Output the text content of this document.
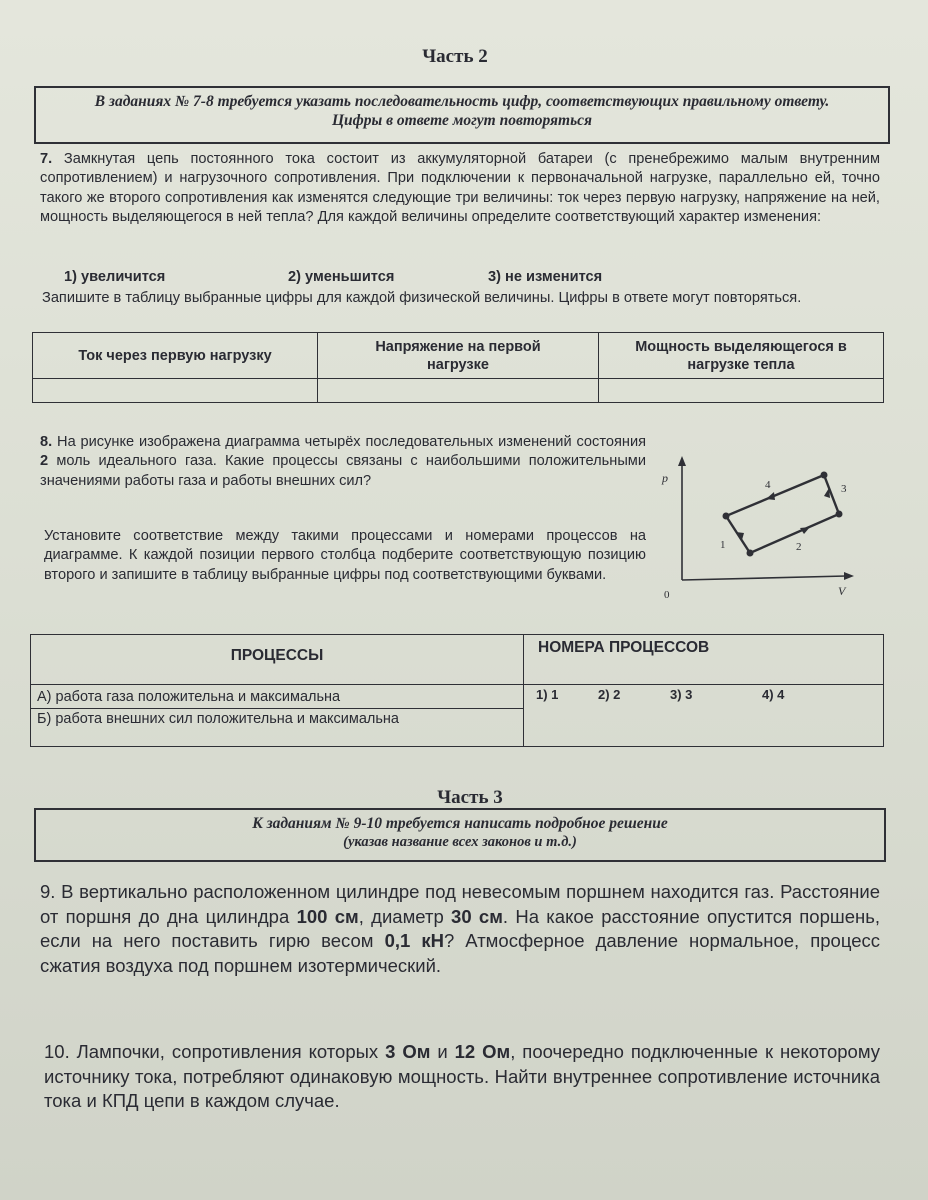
Часть 2
В заданиях № 7-8 требуется указать последовательность цифр, соответствующих правильному ответу. Цифры в ответе могут повторяться
7. Замкнутая цепь постоянного тока состоит из аккумуляторной батареи (с пренебрежимо малым внутренним сопротивлением) и нагрузочного сопротивления. При подключении к первоначальной нагрузке, параллельно ей, точно такого же второго сопротивления как изменятся следующие три величины: ток через первую нагрузку, напряжение на ней, мощность выделяющегося в ней тепла? Для каждой величины определите соответствующий характер изменения:
1) увеличится	2) уменьшится	3) не изменится
Запишите в таблицу выбранные цифры для каждой физической величины. Цифры в ответе могут повторяться.
Ток через первую нагрузку	Напряжение на первой нагрузке	Мощность выделяющегося в нагрузке тепла

8. На рисунке изображена диаграмма четырёх последовательных изменений состояния 2 моль идеального газа. Какие процессы связаны с наибольшими положительными значениями работы газа и работы внешних сил?
Установите соответствие между такими процессами и номерами процессов на диаграмме. К каждой позиции первого столбца подберите соответствующую позицию второго и запишите в таблицу выбранные цифры под соответствующими буквами.
p
V
0
1	2
3
4
ПРОЦЕССЫ	НОМЕРА ПРОЦЕССОВ

А) работа газа положительна и максимальна	1) 1 2) 2 3) 3 4) 4

Б) работа внешних сил положительна и максимальна	
Часть 3
К заданиям № 9-10 требуется написать подробное решение
(указав название всех законов и т.д.)
9. В вертикально расположенном цилиндре под невесомым поршнем находится газ. Расстояние от поршня до дна цилиндра 100 см, диаметр 30 см. На какое расстояние опустится поршень, если на него поставить гирю весом 0,1 кН? Атмосферное давление нормальное, процесс сжатия воздуха под поршнем изотермический.
10. Лампочки, сопротивления которых 3 Ом и 12 Ом, поочередно подключенные к некоторому источнику тока, потребляют одинаковую мощность. Найти внутреннее сопротивление источника тока и КПД цепи в каждом случае.
